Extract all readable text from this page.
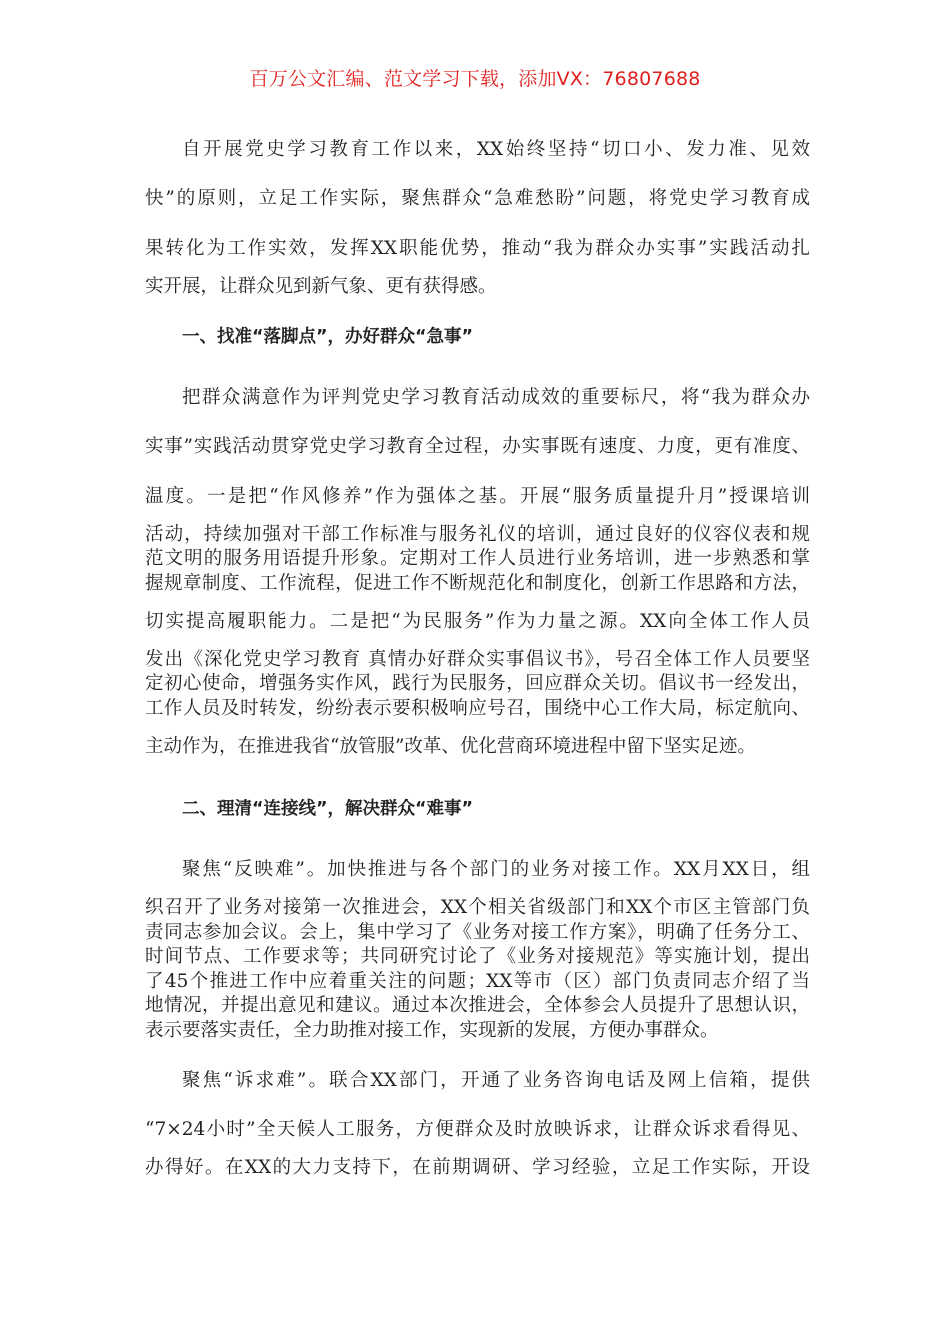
百万公文汇编、范文学习下载，添加VX：76807688
自开展党史学习教育工作以来，XX始终坚持“切口小、发力准、见效
快”的原则，立足工作实际，聚焦群众“急难愁盼”问题，将党史学习教育成
果转化为工作实效，发挥XX职能优势，推动“我为群众办实事”实践活动扎
实开展，让群众见到新气象、更有获得感。
一、找准“落脚点”，办好群众“急事”
把群众满意作为评判党史学习教育活动成效的重要标尺，将“我为群众办
实事”实践活动贯穿党史学习教育全过程，办实事既有速度、力度，更有准度、
温度。一是把“作风修养”作为强体之基。开展“服务质量提升月”授课培训
活动，持续加强对干部工作标准与服务礼仪的培训，通过良好的仪容仪表和规
范文明的服务用语提升形象。定期对工作人员进行业务培训，进一步熟悉和掌
握规章制度、工作流程，促进工作不断规范化和制度化，创新工作思路和方法，
切实提高履职能力。二是把“为民服务”作为力量之源。XX向全体工作人员
发出《深化党史学习教育 真情办好群众实事倡议书》，号召全体工作人员要坚
定初心使命，增强务实作风，践行为民服务，回应群众关切。倡议书一经发出，
工作人员及时转发，纷纷表示要积极响应号召，围绕中心工作大局，标定航向、
主动作为，在推进我省“放管服”改革、优化营商环境进程中留下坚实足迹。
二、理清“连接线”，解决群众“难事”
聚焦“反映难”。加快推进与各个部门的业务对接工作。XX月XX日，组
织召开了业务对接第一次推进会，XX个相关省级部门和XX个市区主管部门负
责同志参加会议。会上，集中学习了《业务对接工作方案》，明确了任务分工、
时间节点、工作要求等；共同研究讨论了《业务对接规范》等实施计划，提出
了45个推进工作中应着重关注的问题；XX等市（区）部门负责同志介绍了当
地情况，并提出意见和建议。通过本次推进会，全体参会人员提升了思想认识，
表示要落实责任，全力助推对接工作，实现新的发展，方便办事群众。
聚焦“诉求难”。联合XX部门，开通了业务咨询电话及网上信箱，提供
“7×24小时”全天候人工服务，方便群众及时放映诉求，让群众诉求看得见、
办得好。在XX的大力支持下，在前期调研、学习经验，立足工作实际，开设
